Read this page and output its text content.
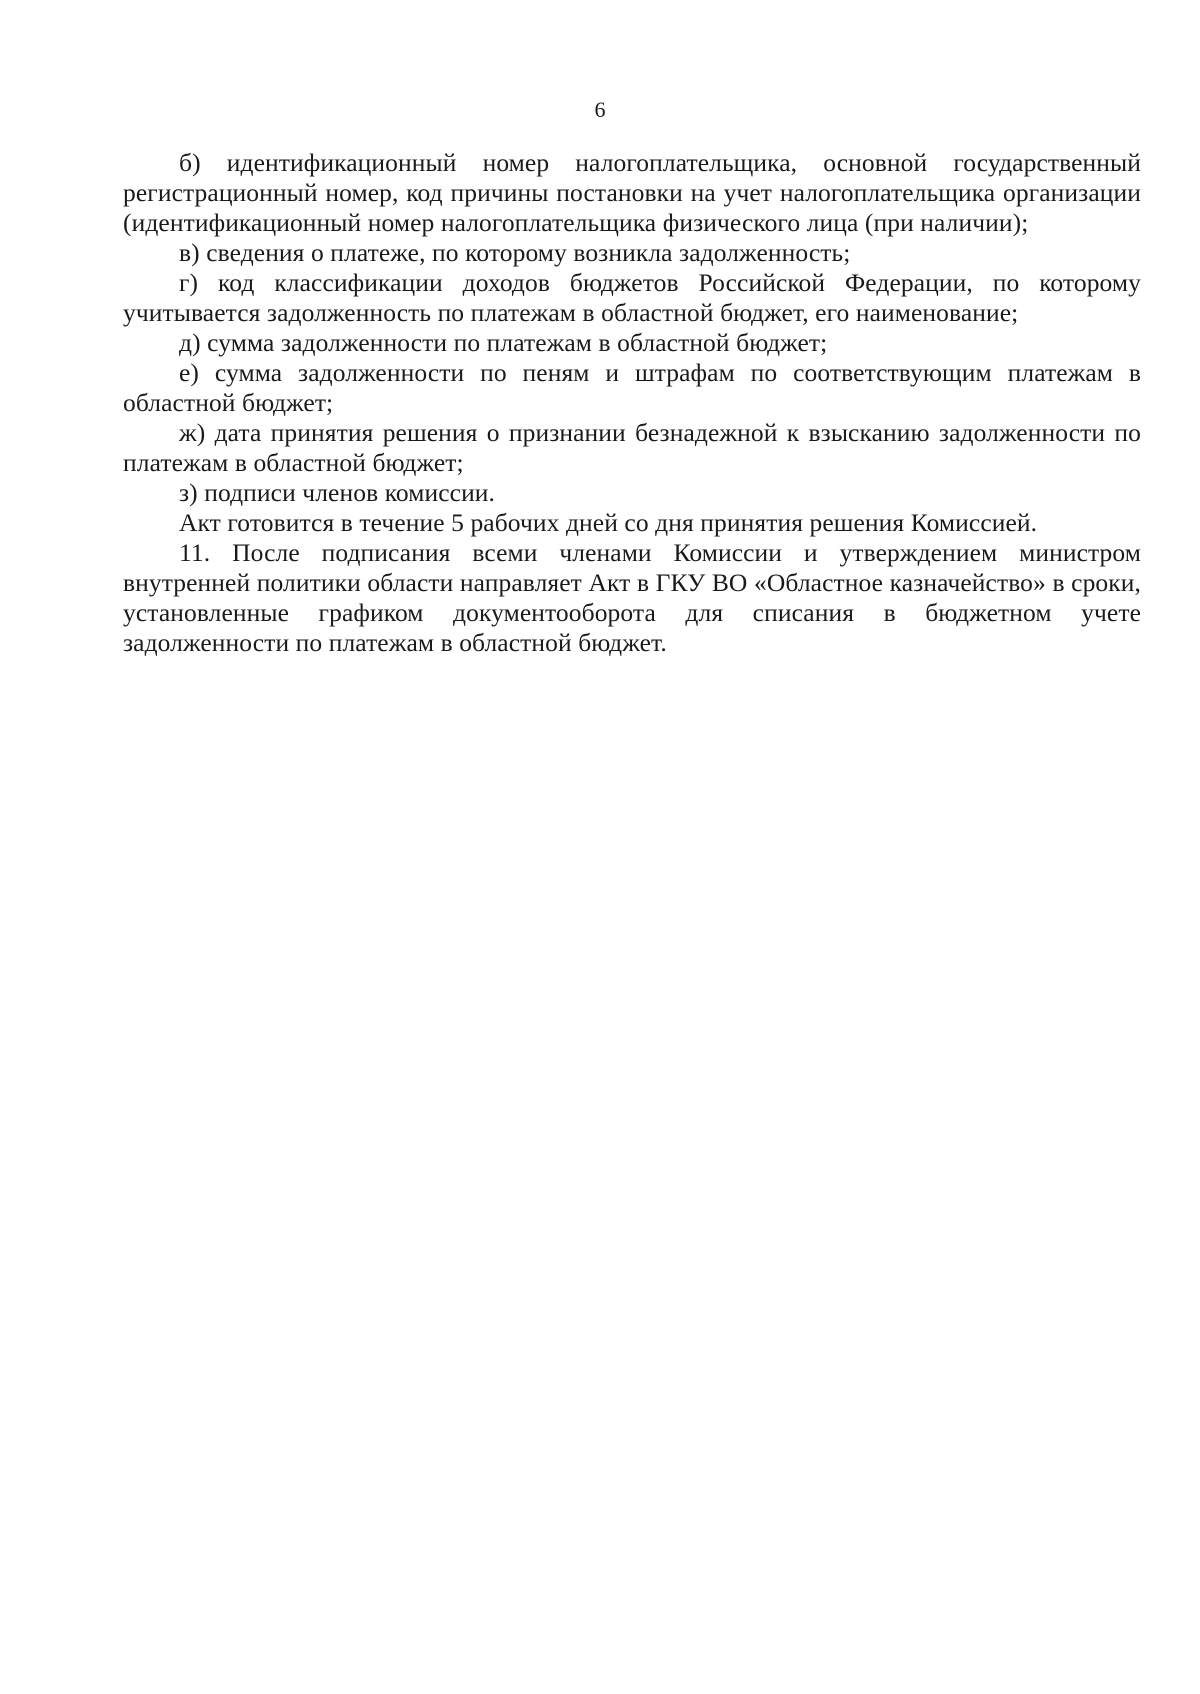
6

б) идентификационный номер налогоплательщика, основной государственный регистрационный номер, код причины постановки на учет налогоплательщика организации (идентификационный номер налогоплательщика физического лица (при наличии);

в) сведения о платеже, по которому возникла задолженность;

г) код классификации доходов бюджетов Российской Федерации, по которому учитывается задолженность по платежам в областной бюджет, его наименование;

д) сумма задолженности по платежам в областной бюджет;

е) сумма задолженности по пеням и штрафам по соответствующим платежам в областной бюджет;

ж) дата принятия решения о признании безнадежной к взысканию задолженности по платежам в областной бюджет;

з) подписи членов комиссии.

Акт готовится в течение 5 рабочих дней со дня принятия решения Комиссией.

11. После подписания всеми членами Комиссии и утверждением министром внутренней политики области направляет Акт в ГКУ ВО «Областное казначейство» в сроки, установленные графиком документооборота для списания в бюджетном учете задолженности по платежам в областной бюджет.
